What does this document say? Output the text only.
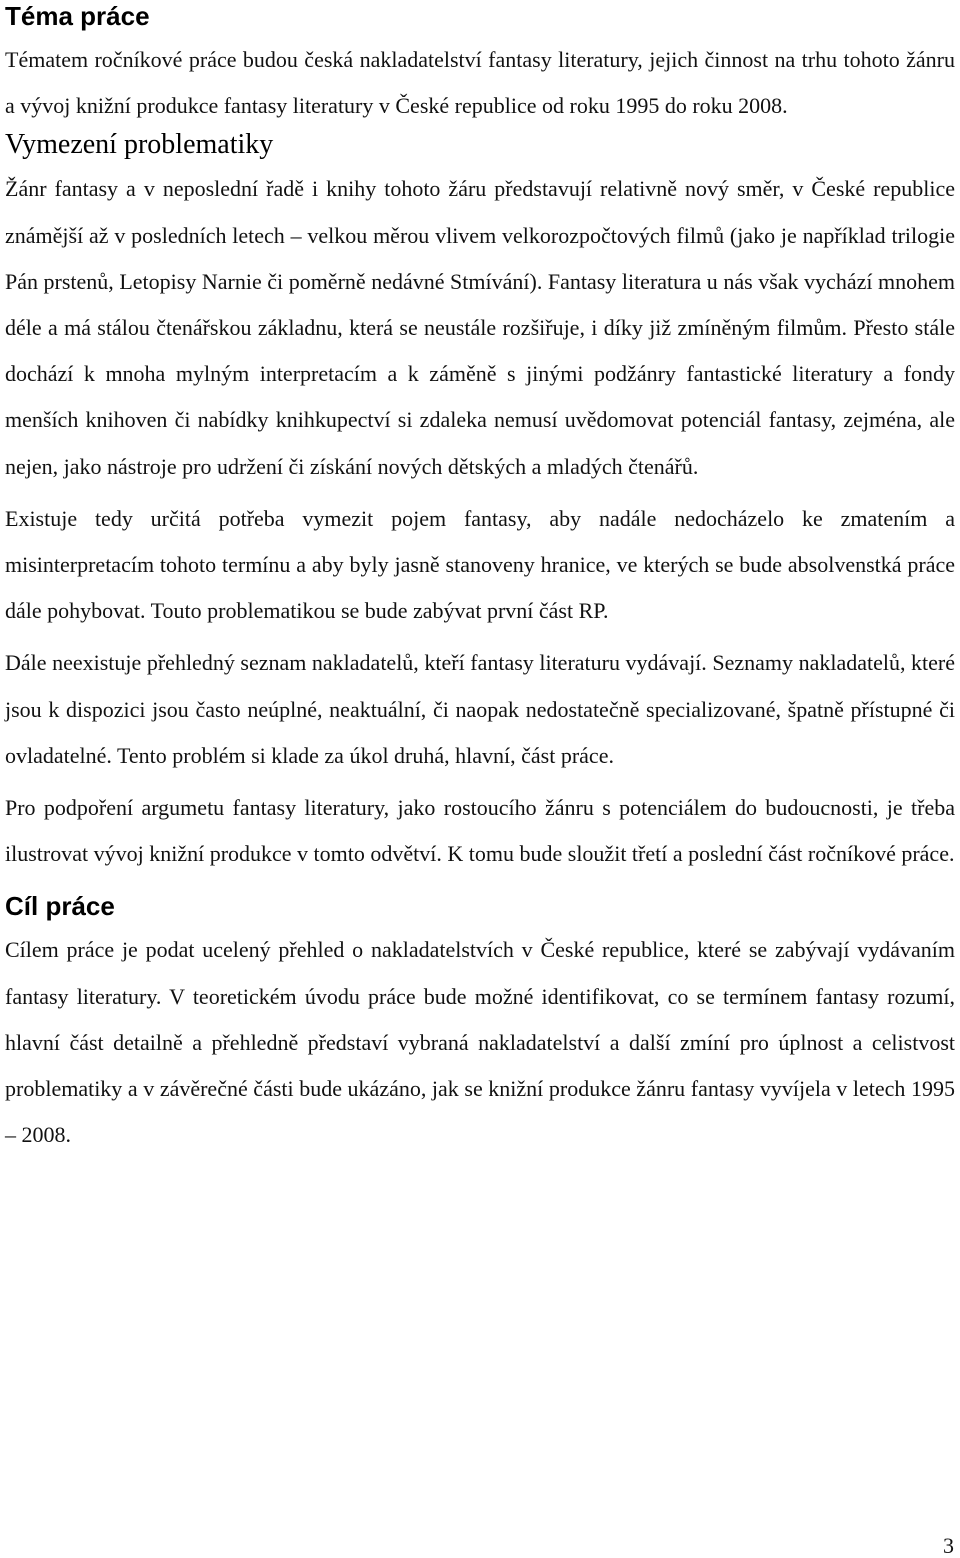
Téma práce

Tématem ročníkové práce budou česká nakladatelství fantasy literatury, jejich činnost na trhu tohoto žánru a vývoj knižní produkce fantasy literatury v České republice od roku 1995 do roku 2008.

Vymezení problematiky

Žánr fantasy a v neposlední řadě i knihy tohoto žáru představují relativně nový směr, v České republice známější až v posledních letech – velkou měrou vlivem velkorozpočtových filmů (jako je například trilogie Pán prstenů, Letopisy Narnie či poměrně nedávné Stmívání). Fantasy literatura u nás však vychází mnohem déle a má stálou čtenářskou základnu, která se neustále rozšiřuje, i díky již zmíněným filmům. Přesto stále dochází k mnoha mylným interpretacím a k záměně s jinými podžánry fantastické literatury a fondy menších knihoven či nabídky knihkupectví si zdaleka nemusí uvědomovat potenciál fantasy, zejména, ale nejen, jako nástroje pro udržení či získání nových dětských a mladých čtenářů.

Existuje tedy určitá potřeba vymezit pojem fantasy, aby nadále nedocházelo ke zmatením a misinterpretacím tohoto termínu a aby byly jasně stanoveny hranice, ve kterých se bude absolvenstká práce dále pohybovat. Touto problematikou se bude zabývat první část RP.

Dále neexistuje přehledný seznam nakladatelů, kteří fantasy literaturu vydávají. Seznamy nakladatelů, které jsou k dispozici jsou často neúplné, neaktuální, či naopak nedostatečně specializované, špatně přístupné či ovladatelné. Tento problém si klade za úkol druhá, hlavní, část práce.

Pro podpoření argumetu fantasy literatury, jako rostoucího žánru s potenciálem do budoucnosti, je třeba ilustrovat vývoj knižní produkce v tomto odvětví. K tomu bude sloužit třetí a poslední část ročníkové práce.

Cíl práce

Cílem práce je podat ucelený přehled o nakladatelstvích v České republice, které se zabývají vydávaním fantasy literatury. V teoretickém úvodu práce bude možné identifikovat, co se termínem fantasy rozumí, hlavní část detailně a přehledně představí vybraná nakladatelství a další zmíní pro úplnost a celistvost problematiky a v závěrečné části bude ukázáno, jak se knižní produkce žánru fantasy vyvíjela v letech 1995 – 2008.

3
